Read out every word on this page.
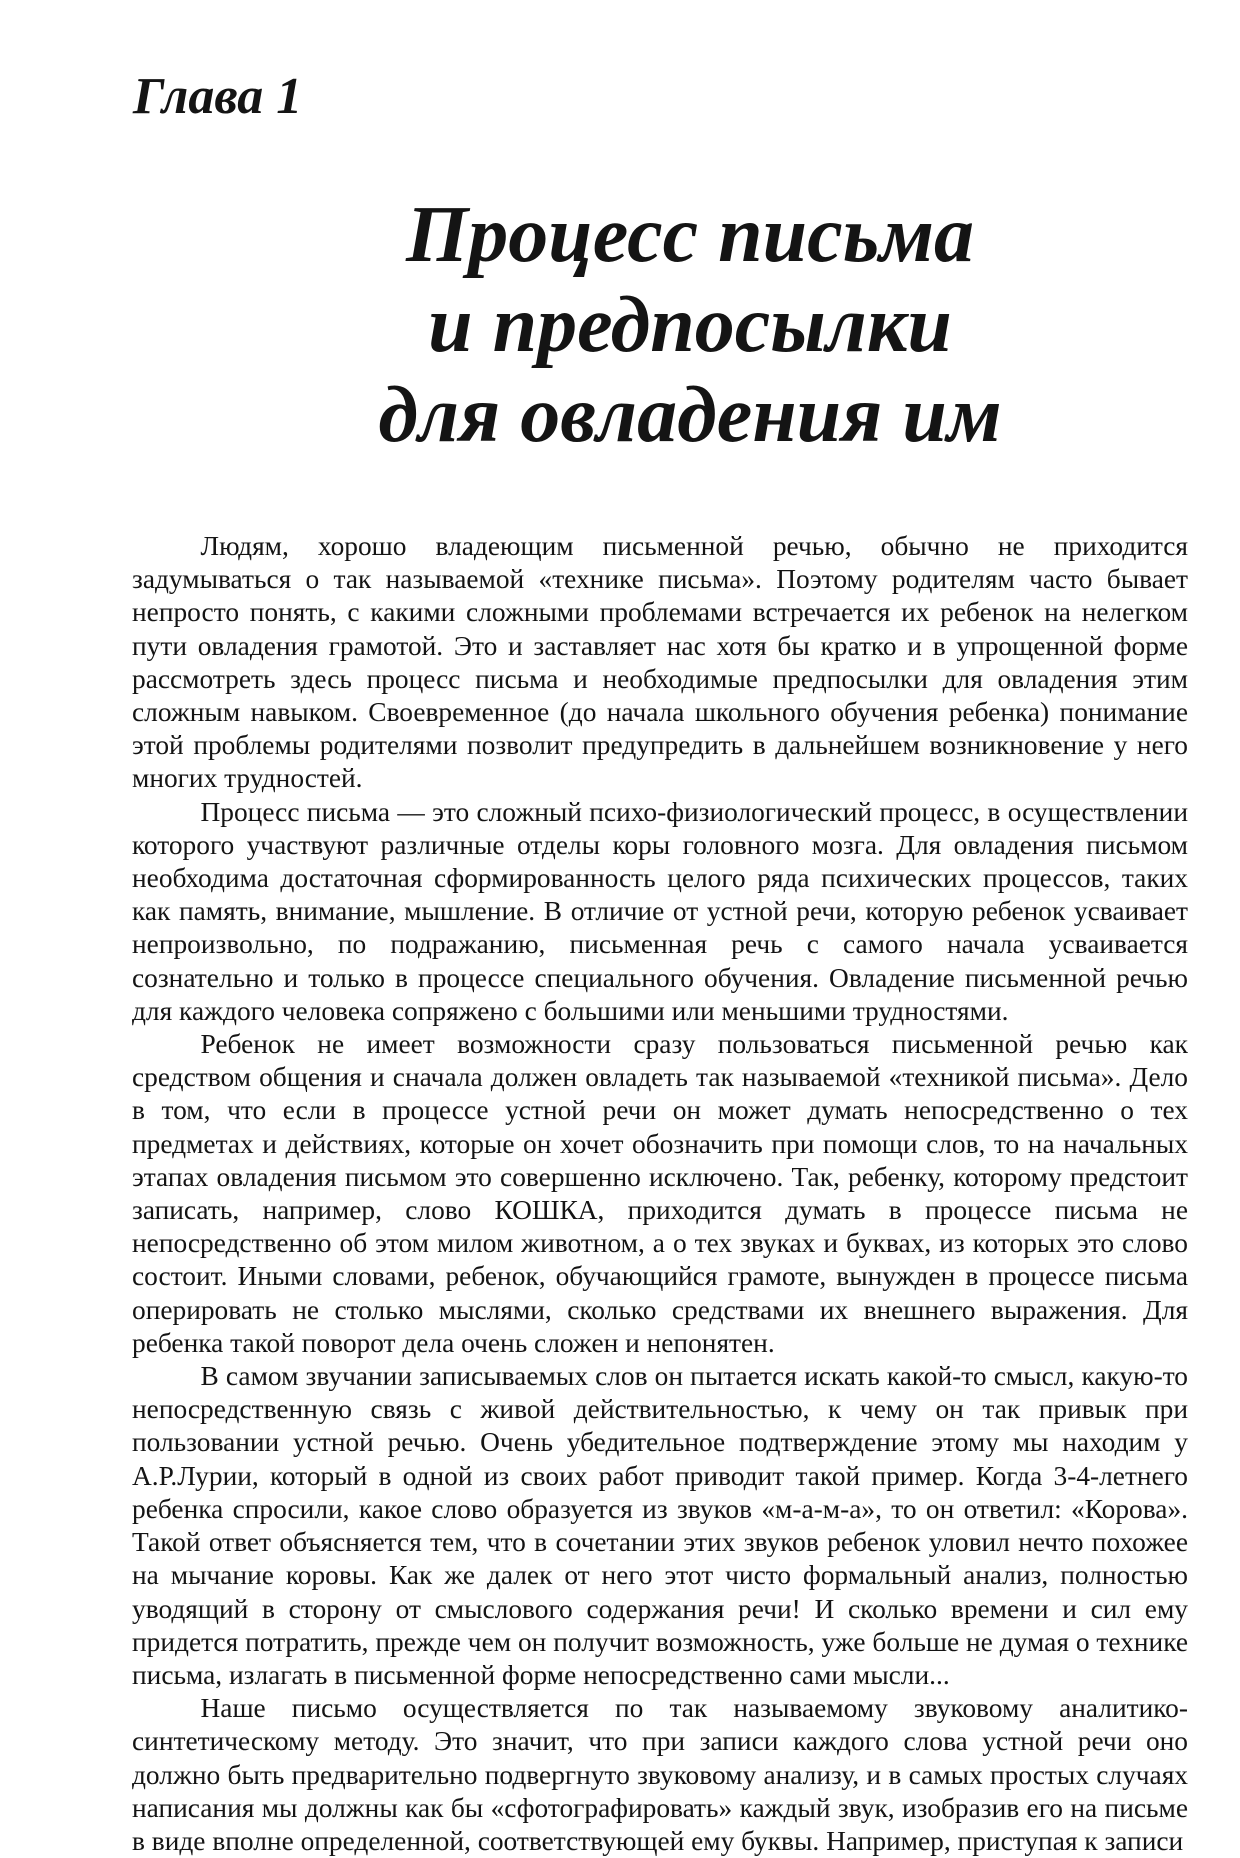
Глава 1
Процесс письма
и предпосылки
для овладения им

Людям, хорошо владеющим письменной речью, обычно не приходится задумываться о так называемой «технике письма». Поэтому родителям часто бывает непросто понять, с какими сложными проблемами встречается их ребенок на нелегком пути овладения грамотой. Это и заставляет нас хотя бы кратко и в упрощенной форме рассмотреть здесь процесс письма и необходимые предпосылки для овладения этим сложным навыком. Своевременное (до начала школьного обучения ребенка) понимание этой проблемы родителями позволит предупредить в дальнейшем возникновение у него многих трудностей.

Процесс письма — это сложный психо-физиологический процесс, в осуществлении которого участвуют различные отделы коры головного мозга. Для овладения письмом необходима достаточная сформированность целого ряда психических процессов, таких как память, внимание, мышление. В отличие от устной речи, которую ребенок усваивает непроизвольно, по подражанию, письменная речь с самого начала усваивается сознательно и только в процессе специального обучения. Овладение письменной речью для каждого человека сопряжено с большими или меньшими трудностями.

Ребенок не имеет возможности сразу пользоваться письменной речью как средством общения и сначала должен овладеть так называемой «техникой письма». Дело в том, что если в процессе устной речи он может думать непосредственно о тех предметах и действиях, которые он хочет обозначить при помощи слов, то на начальных этапах овладения письмом это совершенно исключено. Так, ребенку, которому предстоит записать, например, слово КОШКА, приходится думать в процессе письма не непосредственно об этом милом животном, а о тех звуках и буквах, из которых это слово состоит. Иными словами, ребенок, обучающийся грамоте, вынужден в процессе письма оперировать не столько мыслями, сколько средствами их внешнего выражения. Для ребенка такой поворот дела очень сложен и непонятен.

В самом звучании записываемых слов он пытается искать какой-то смысл, какую-то непосредственную связь с живой действительностью, к чему он так привык при пользовании устной речью. Очень убедительное подтверждение этому мы находим у А.Р.Лурии, который в одной из своих работ приводит такой пример. Когда 3-4-летнего ребенка спросили, какое слово образуется из звуков «м-а-м-а», то он ответил: «Корова». Такой ответ объясняется тем, что в сочетании этих звуков ребенок уловил нечто похожее на мычание коровы. Как же далек от него этот чисто формальный анализ, полностью уводящий в сторону от смыслового содержания речи! И сколько времени и сил ему придется потратить, прежде чем он получит возможность, уже больше не думая о технике письма, излагать в письменной форме непосредственно сами мысли...

Наше письмо осуществляется по так называемому звуковому аналитико-синтетическому методу. Это значит, что при записи каждого слова устной речи оно должно быть предварительно подвергнуто звуковому анализу, и в самых простых случаях написания мы должны как бы «сфотографировать» каждый звук, изобразив его на письме в виде вполне определенной, соответствующей ему буквы. Например, приступая к записи
